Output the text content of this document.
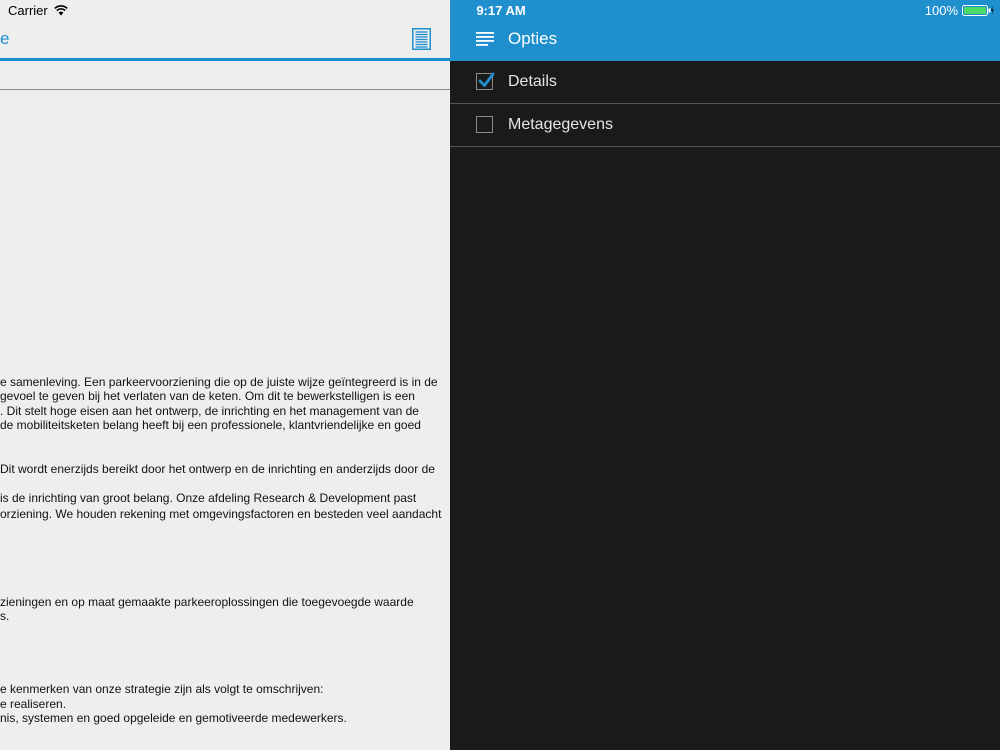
Carrier
e
e samenleving. Een parkeervoorziening die op de juiste wijze geïntegreerd is in de
gevoel te geven bij het verlaten van de keten. Om dit te bewerkstelligen is een
. Dit stelt hoge eisen aan het ontwerp, de inrichting en het management van de
de mobiliteitsketen belang heeft bij een professionele, klantvriendelijke en goed
Dit wordt enerzijds bereikt door het ontwerp en de inrichting en anderzijds door de
is de inrichting van groot belang. Onze afdeling Research & Development past
orziening. We houden rekening met omgevingsfactoren en besteden veel aandacht
zieningen en op maat gemaakte parkeeroplossingen die toegevoegde waarde
s.
e kenmerken van onze strategie zijn als volgt te omschrijven:
e realiseren.
nis, systemen en goed opgeleide en gemotiveerde medewerkers.
9:17 AM	100%
Opties
Details
Metagegevens
